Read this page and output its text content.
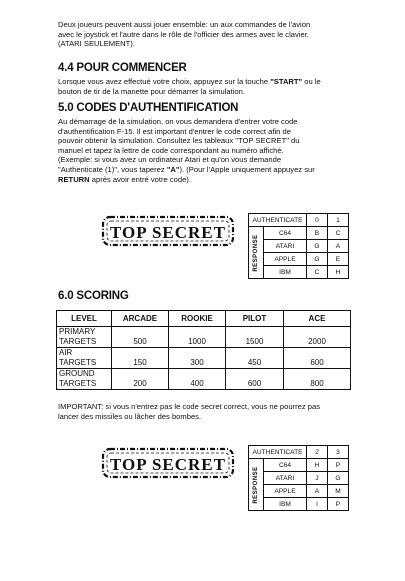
Deux joueurs peuvent aussi jouer ensemble: un aux commandes de l'avion
avec le joystick et l'autre dans le rôle de l'officier des armes avec le clavier.
(ATARI SEULEMENT).
4.4 POUR COMMENCER
Lorsque vous avez effectué votre choix, appuyez sur la touche "START" ou le
bouton de tir de la manette pour démarrer la simulation.
5.0 CODES D'AUTHENTIFICATION
Au démarrage de la simulation, on vous demandera d'entrer votre code
d'authentification F-15. Il est important d'entrer le code correct afin de
pouvoir obtenir la simulation. Consultez les tableaux "TOP SECRET" du
manuel et tapez la lettre de code correspondant au numéro affiché.
(Exemple: si vous avez un ordinateur Atari et qu'on vous demande
"Authenticate (1)", vous taperez "A"). (Pour l'Apple uniquement appuyez sur
RETURN après avoir entré votre code).
TOP SECRET
AUTHENTICATE		0	1

RESPONSE	C64	B	C
	ATARI	G	A
	APPLE	G	E
	IBM	C	H
6.0 SCORING
LEVEL	ARCADE	ROOKIE	PILOT	ACE
PRIMARY
TARGETS	500	1000	1500	2000
AIR
TARGETS	150	300	450	600
GROUND
TARGETS	200	400	600	800
IMPORTANT: si vous n'entrez pas le code secret correct, vous ne pourrez pas
lancer des missiles ou lâcher des bombes.
TOP SECRET
AUTHENTICATE		2	3

RESPONSE	C64	H	P
	ATARI	J	G
	APPLE	A	M
	IBM	I	P
